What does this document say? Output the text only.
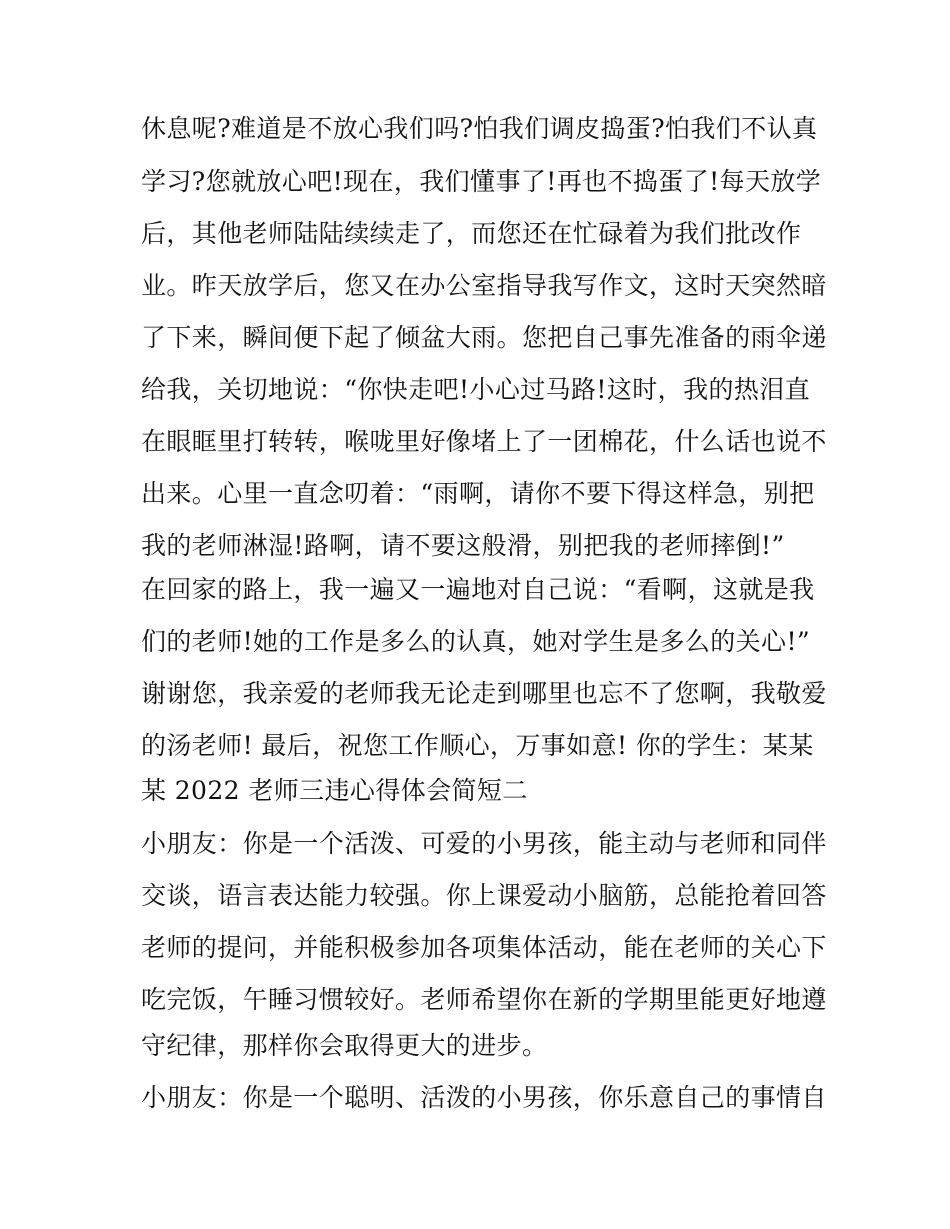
休息呢?难道是不放心我们吗?怕我们调皮捣蛋?怕我们不认真
学习?您就放心吧!现在，我们懂事了!再也不捣蛋了!每天放学
后，其他老师陆陆续续走了，而您还在忙碌着为我们批改作
业。昨天放学后，您又在办公室指导我写作文，这时天突然暗
了下来，瞬间便下起了倾盆大雨。您把自己事先准备的雨伞递
给我，关切地说：“你快走吧!小心过马路!这时，我的热泪直
在眼眶里打转转，喉咙里好像堵上了一团棉花，什么话也说不
出来。心里一直念叨着：“雨啊，请你不要下得这样急，别把
我的老师淋湿!路啊，请不要这般滑，别把我的老师摔倒!”
在回家的路上，我一遍又一遍地对自己说：“看啊，这就是我
们的老师!她的工作是多么的认真，她对学生是多么的关心!”
谢谢您，我亲爱的老师我无论走到哪里也忘不了您啊，我敬爱
的汤老师! 最后，祝您工作顺心，万事如意! 你的学生：某某
某 2022 老师三违心得体会简短二
小朋友：你是一个活泼、可爱的小男孩，能主动与老师和同伴
交谈，语言表达能力较强。你上课爱动小脑筋，总能抢着回答
老师的提问，并能积极参加各项集体活动，能在老师的关心下
吃完饭，午睡习惯较好。老师希望你在新的学期里能更好地遵
守纪律，那样你会取得更大的进步。
小朋友：你是一个聪明、活泼的小男孩，你乐意自己的事情自
